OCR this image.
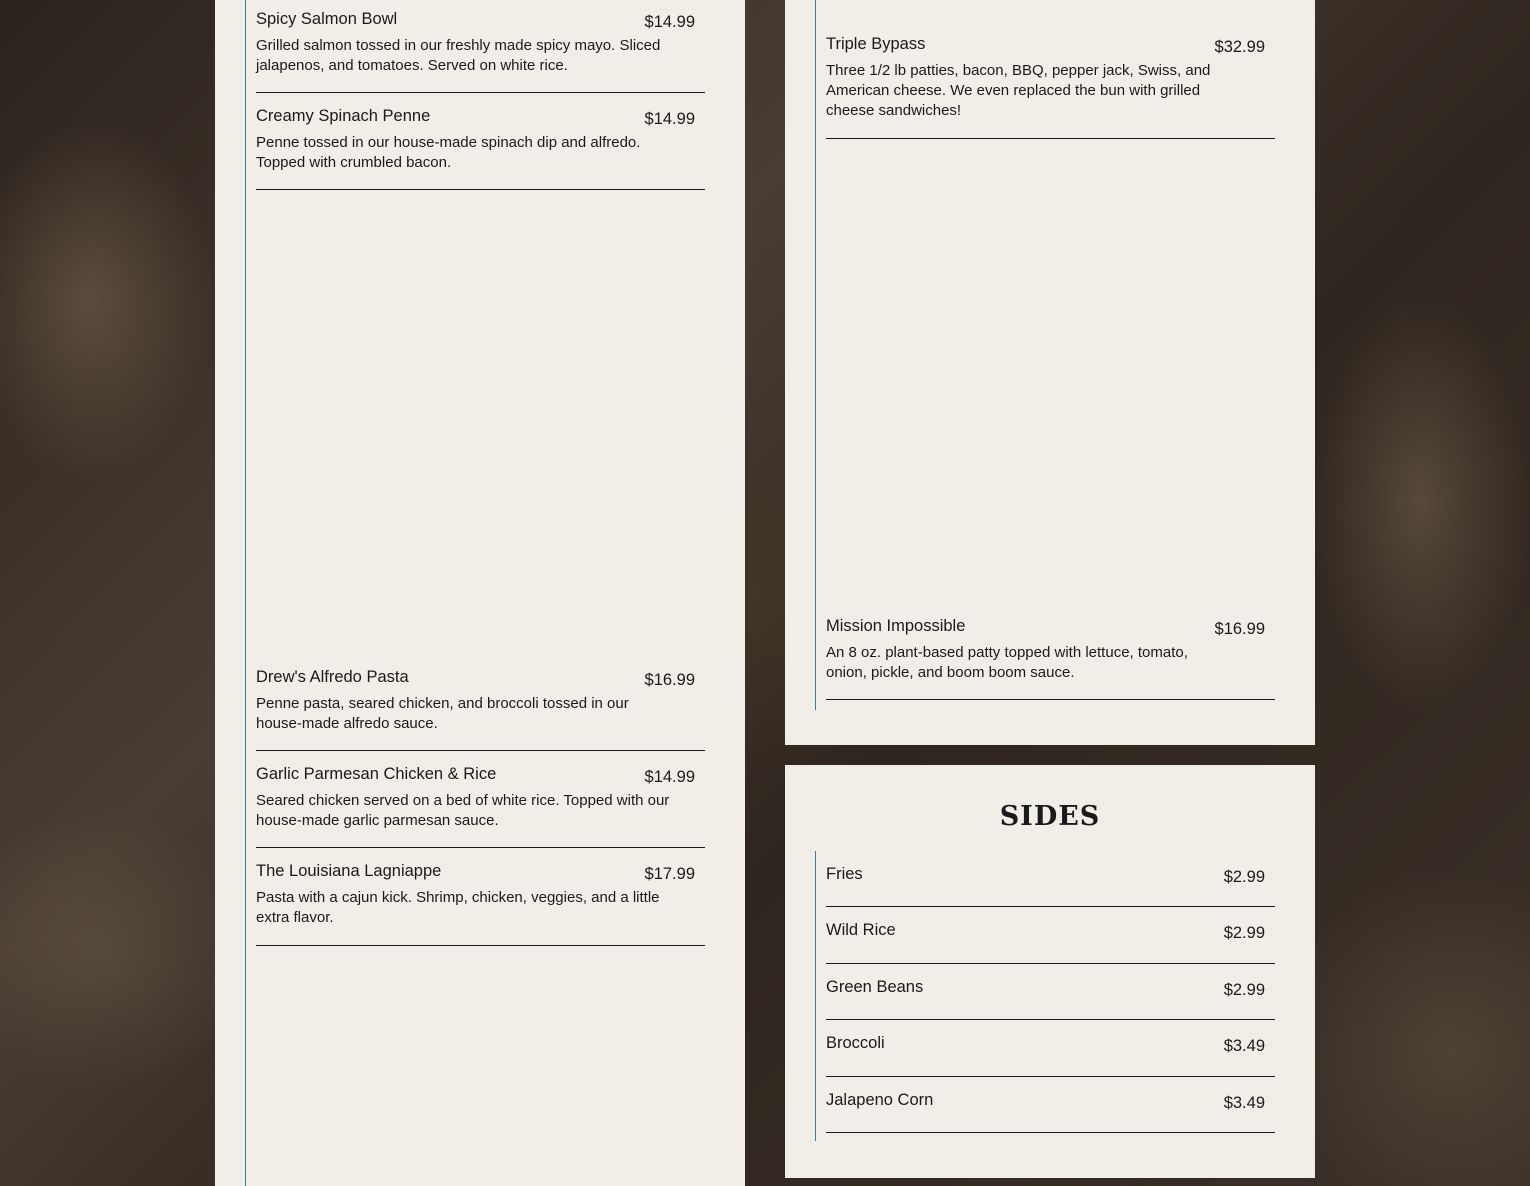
Spicy Salmon Bowl	$14.99
Grilled salmon tossed in our freshly made spicy mayo. Sliced jalapenos, and tomatoes. Served on white rice.
Creamy Spinach Penne	$14.99
Penne tossed in our house-made spinach dip and alfredo. Topped with crumbled bacon.
Drew's Alfredo Pasta	$16.99
Penne pasta, seared chicken, and broccoli tossed in our house-made alfredo sauce.
Garlic Parmesan Chicken & Rice	$14.99
Seared chicken served on a bed of white rice. Topped with our house-made garlic parmesan sauce.
The Louisiana Lagniappe	$17.99
Pasta with a cajun kick. Shrimp, chicken, veggies, and a little extra flavor.
Triple Bypass	$32.99
Three 1/2 lb patties, bacon, BBQ, pepper jack, Swiss, and American cheese. We even replaced the bun with grilled cheese sandwiches!
Mission Impossible	$16.99
An 8 oz. plant-based patty topped with lettuce, tomato, onion, pickle, and boom boom sauce.
SIDES
Fries	$2.99
Wild Rice	$2.99
Green Beans	$2.99
Broccoli	$3.49
Jalapeno Corn	$3.49
